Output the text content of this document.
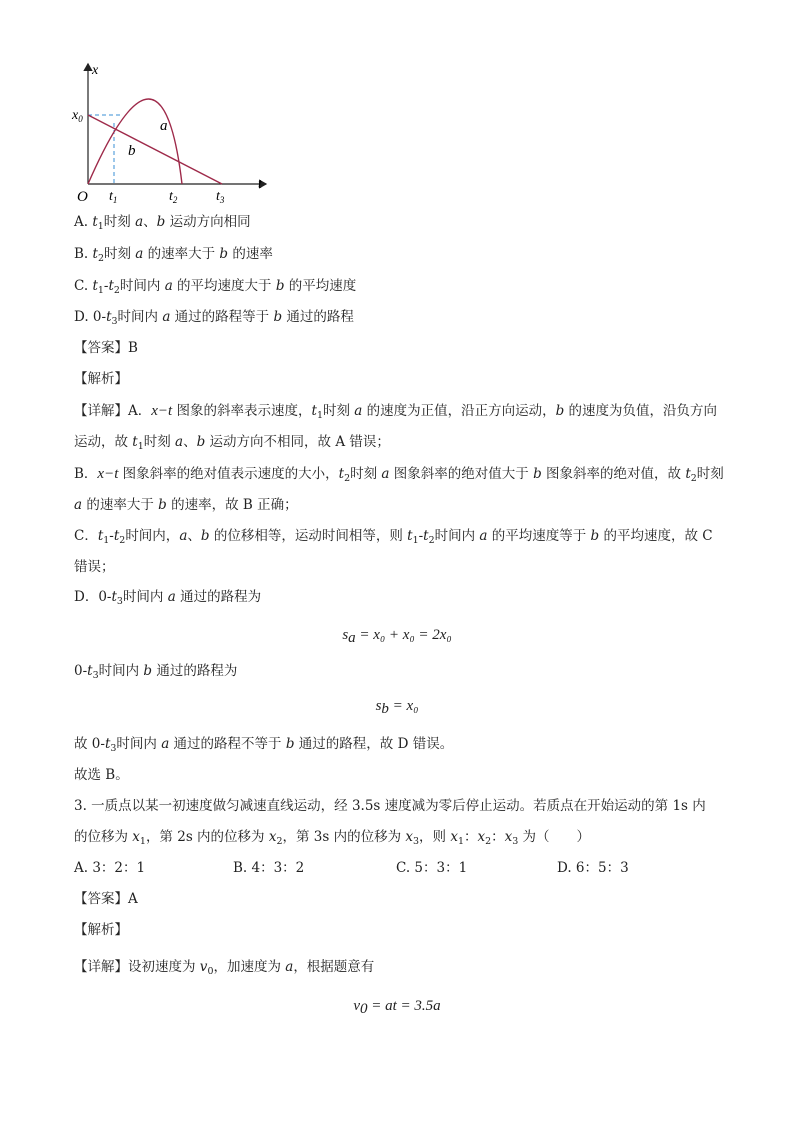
x
t
O
$x_0$	a
b
$t_1$	$t_2$	$t_3$
A. $t_1$时刻 a、b 运动方向相同
B. $t_2$时刻 a 的速率大于 b 的速率
C. $t_1-t_2$时间内 a 的平均速度大于 b 的平均速度
D. $0-t_3$时间内 a 通过的路程等于 b 通过的路程
【答案】B
【解析】
【详解】A．x−t 图象的斜率表示速度，$t_1$时刻 a 的速度为正值，沿正方向运动，b 的速度为负值，沿负方向运动，故 $t_1$时刻 a、b 运动方向不相同，故 A 错误；
B．x−t 图象斜率的绝对值表示速度的大小，$t_2$时刻 a 图象斜率的绝对值大于 b 图象斜率的绝对值，故 $t_2$时刻 a 的速率大于 b 的速率，故 B 正确；
C．$t_1-t_2$时间内，a、b 的位移相等，运动时间相等，则 $t_1-t_2$时间内 a 的平均速度等于 b 的平均速度，故 C 错误；
D．$0-t_3$时间内 a 通过的路程为
$s_a = x_0 + x_0 = 2x_0$
$0-t_3$时间内 b 通过的路程为
$s_b = x_0$
故 $0-t_3$时间内 a 通过的路程不等于 b 通过的路程，故 D 错误。
故选 B。
3. 一质点以某一初速度做匀减速直线运动，经 3.5s 速度减为零后停止运动。若质点在开始运动的第 1s 内
的位移为 $x_1$，第 2s 内的位移为 $x_2$，第 3s 内的位移为 $x_3$，则 $x_1$：$x_2$：$x_3$ 为（　　）
A. 3：2：1	B. 4：3：2	C. 5：3：1	D. 6：5：3
【答案】A
【解析】
【详解】设初速度为 $v_0$，加速度为 a，根据题意有
$v_0$ = at = 3.5a
